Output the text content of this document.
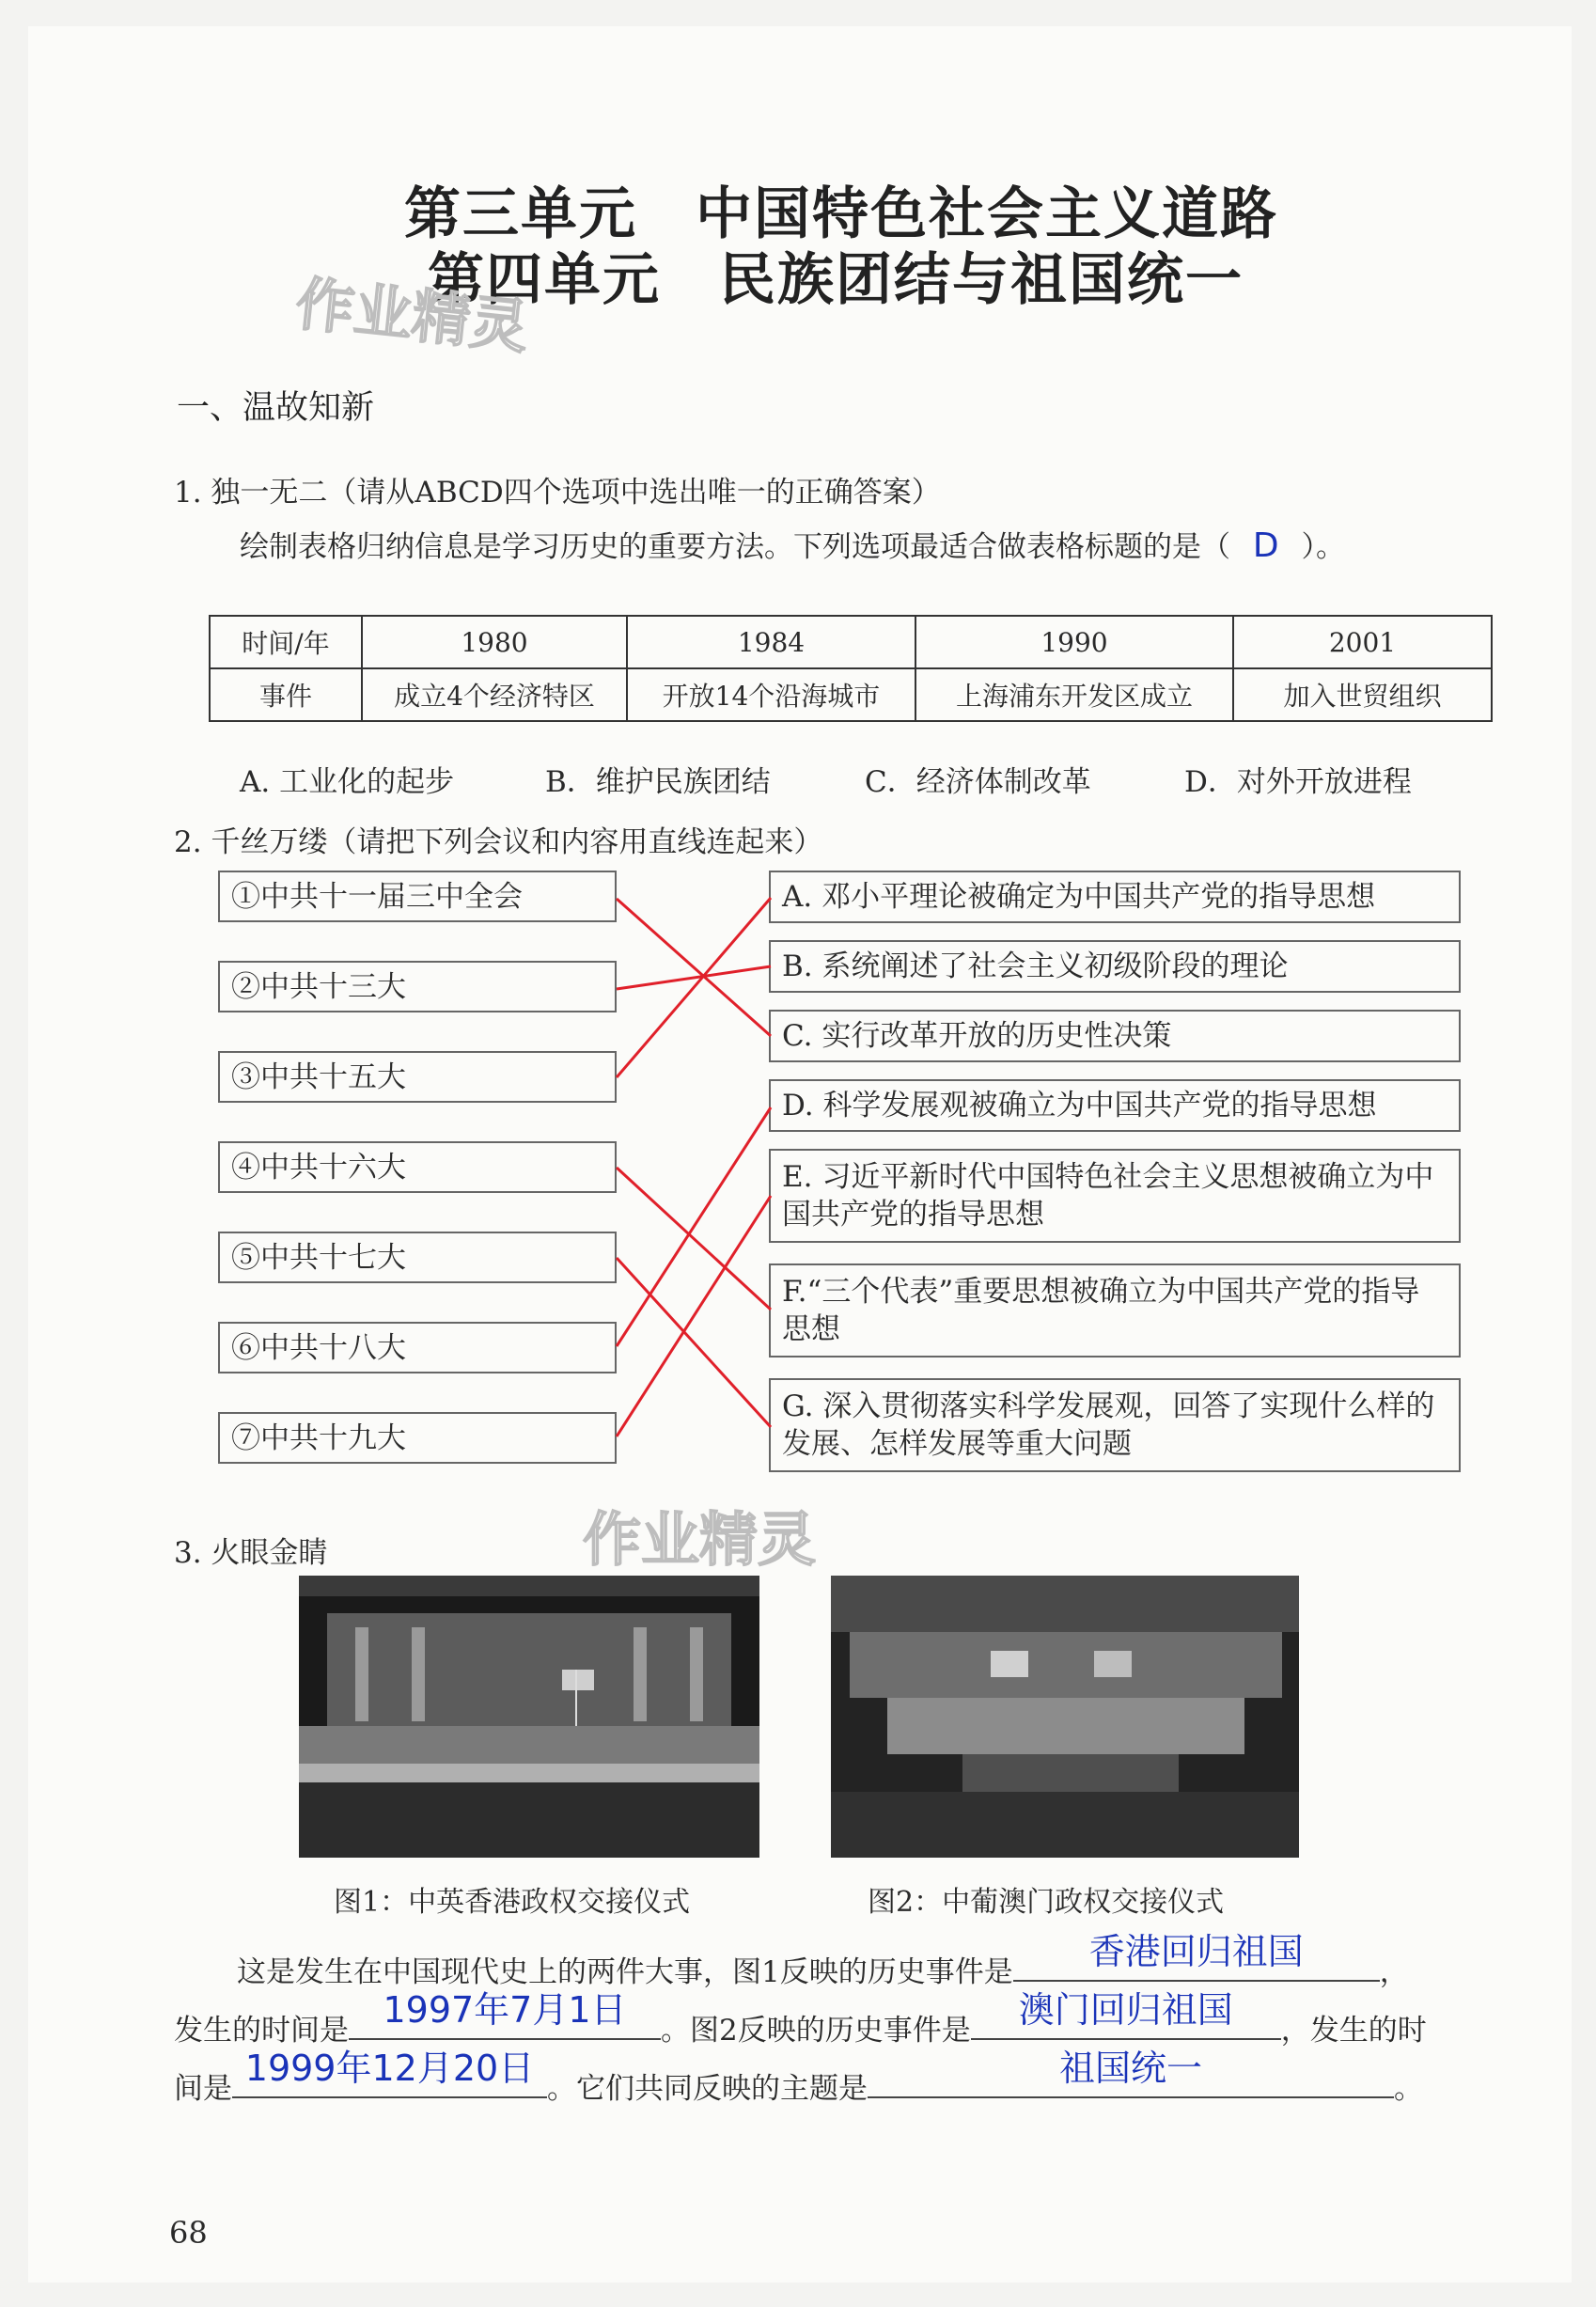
第三单元　中国特色社会主义道路
第四单元　民族团结与祖国统一
作业精灵
一、温故知新
1. 独一无二（请从ABCD四个选项中选出唯一的正确答案）
绘制表格归纳信息是学习历史的重要方法。下列选项最适合做表格标题的是（ D ）。
时间/年	1980	1984	1990	2001
事件	成立4个经济特区	开放14个沿海城市	上海浦东开发区成立	加入世贸组织
A. 工业化的起步	B．维护民族团结	C．经济体制改革	D．对外开放进程
2. 千丝万缕（请把下列会议和内容用直线连起来）
①中共十一届三中全会
②中共十三大
③中共十五大
④中共十六大
⑤中共十七大
⑥中共十八大
⑦中共十九大
A. 邓小平理论被确定为中国共产党的指导思想
B. 系统阐述了社会主义初级阶段的理论
C. 实行改革开放的历史性决策
D. 科学发展观被确立为中国共产党的指导思想
E. 习近平新时代中国特色社会主义思想被确立为中国共产党的指导思想
F.“三个代表”重要思想被确立为中国共产党的指导思想
G. 深入贯彻落实科学发展观，回答了实现什么样的发展、怎样发展等重大问题
作业精灵
3. 火眼金睛
图1：中英香港政权交接仪式	图2：中葡澳门政权交接仪式
这是发生在中国现代史上的两件大事，图1反映的历史事件是	香港回归祖国	，
发生的时间是 1997年7月1日	。图2反映的历史事件是	澳门回归祖国	，发生的时
间是 1999年12月20日 。它们共同反映的主题是	祖国统一	。
68
